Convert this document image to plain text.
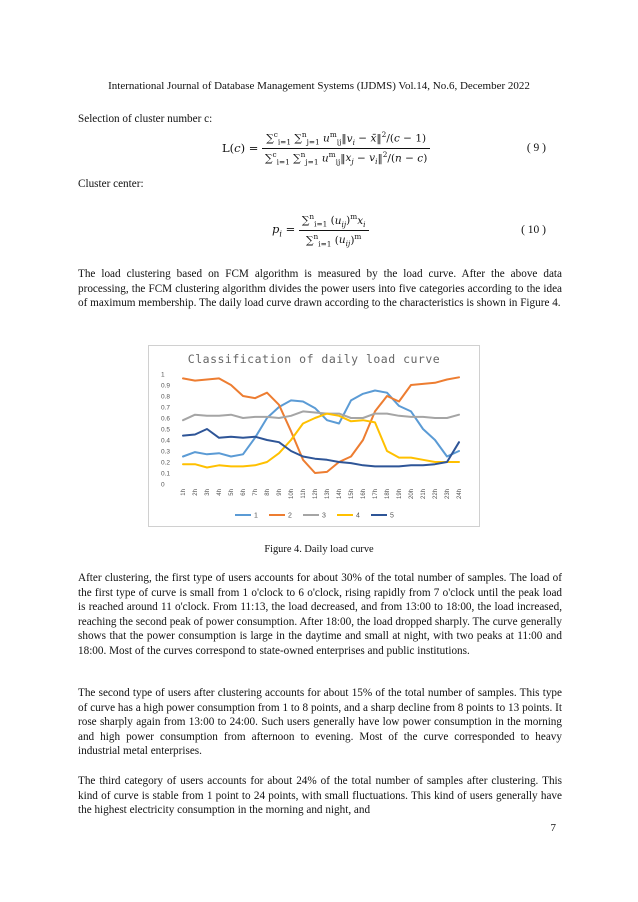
International Journal of Database Management Systems (IJDMS) Vol.14, No.6, December 2022
Selection of cluster number c:
$L(c) = \frac{\sum^c_{i=1} \sum^n_{j=1} u^m_{ij}‖v_i - x̄‖^2/(c - 1)}{\sum^c_{i=1} \sum^n_{j=1} u^m_{ij}‖x_j - v_i‖^2/(n - c)}$	( 9 )
Cluster center:
$p_i = \frac{\sum^n_{i=1} (u_{ij})^mx_i}{\sum^n_{i=1} (u_{ij})^m}$	( 10 )

The load clustering based on FCM algorithm is measured by the load curve. After the above data processing, the FCM clustering algorithm divides the power users into five categories according to the idea of maximum membership. The daily load curve drawn according to the characteristics is shown in Figure 4.

Classification of daily load curve
0
0.1
0.2
0.3
0.4
0.5
0.6
0.7
0.8
0.9
1
1h 2h 3h 4h 5h 6h 7h 8h 9h 10h 11h 12h 13h 14h 15h 16h 17h 18h 19h 20h 21h 22h 23h 24h
1	2	3	4	5
Figure 4. Daily load curve

After clustering, the first type of users accounts for about 30% of the total number of samples. The load of the first type of curve is small from 1 o'clock to 6 o'clock, rising rapidly from 7 o'clock until the peak load is reached around 11 o'clock. From 11:13, the load decreased, and from 13:00 to 18:00, the load increased, reaching the second peak of power consumption. After 18:00, the load dropped sharply. The curve generally shows that the power consumption is large in the daytime and small at night, with two peaks at 11:00 and 18:00. Most of the curves correspond to state-owned enterprises and public institutions.

The second type of users after clustering accounts for about 15% of the total number of samples. This type of curve has a high power consumption from 1 to 8 points, and a sharp decline from 8 points to 13 points. It rose sharply again from 13:00 to 24:00. Such users generally have low power consumption in the morning and high power consumption from afternoon to evening. Most of the curve corresponded to heavy industrial metal enterprises.

The third category of users accounts for about 24% of the total number of samples after clustering. This kind of curve is stable from 1 point to 24 points, with small fluctuations. This kind of users generally have the highest electricity consumption in the morning and night, and

7
